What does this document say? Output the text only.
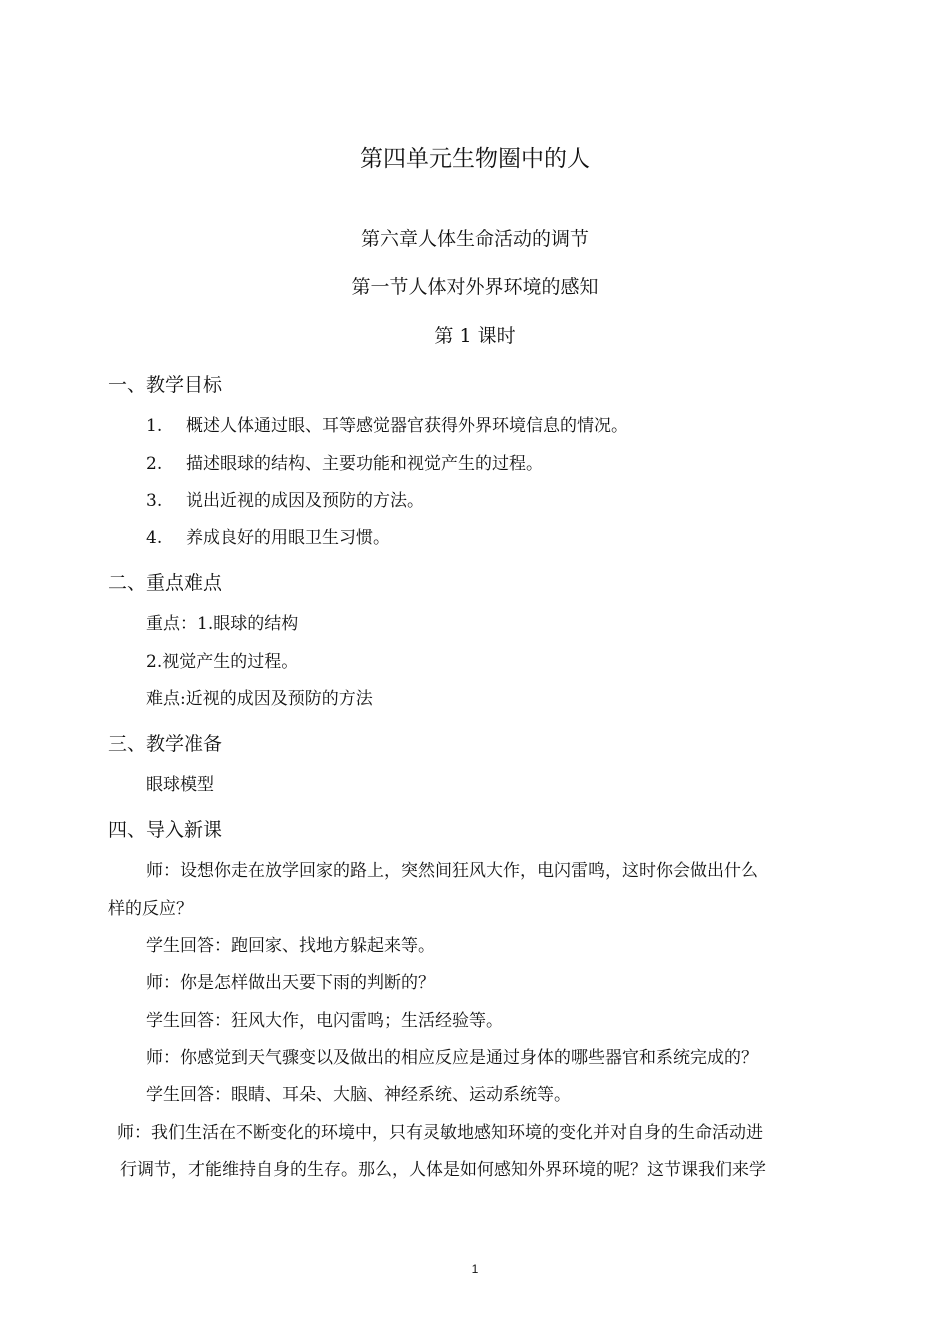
第四单元生物圈中的人
第六章人体生命活动的调节
第一节人体对外界环境的感知
第 1 课时
一、教学目标
1. 概述人体通过眼、耳等感觉器官获得外界环境信息的情况。
2. 描述眼球的结构、主要功能和视觉产生的过程。
3. 说出近视的成因及预防的方法。
4. 养成良好的用眼卫生习惯。
二、重点难点
重点：1.眼球的结构
2.视觉产生的过程。
难点:近视的成因及预防的方法
三、教学准备
眼球模型
四、导入新课
师：设想你走在放学回家的路上，突然间狂风大作，电闪雷鸣，这时你会做出什么
样的反应？
学生回答：跑回家、找地方躲起来等。
师：你是怎样做出天要下雨的判断的？
学生回答：狂风大作，电闪雷鸣；生活经验等。
师：你感觉到天气骤变以及做出的相应反应是通过身体的哪些器官和系统完成的？
学生回答：眼睛、耳朵、大脑、神经系统、运动系统等。
师：我们生活在不断变化的环境中，只有灵敏地感知环境的变化并对自身的生命活动进
行调节，才能维持自身的生存。那么，人体是如何感知外界环境的呢？这节课我们来学
1
